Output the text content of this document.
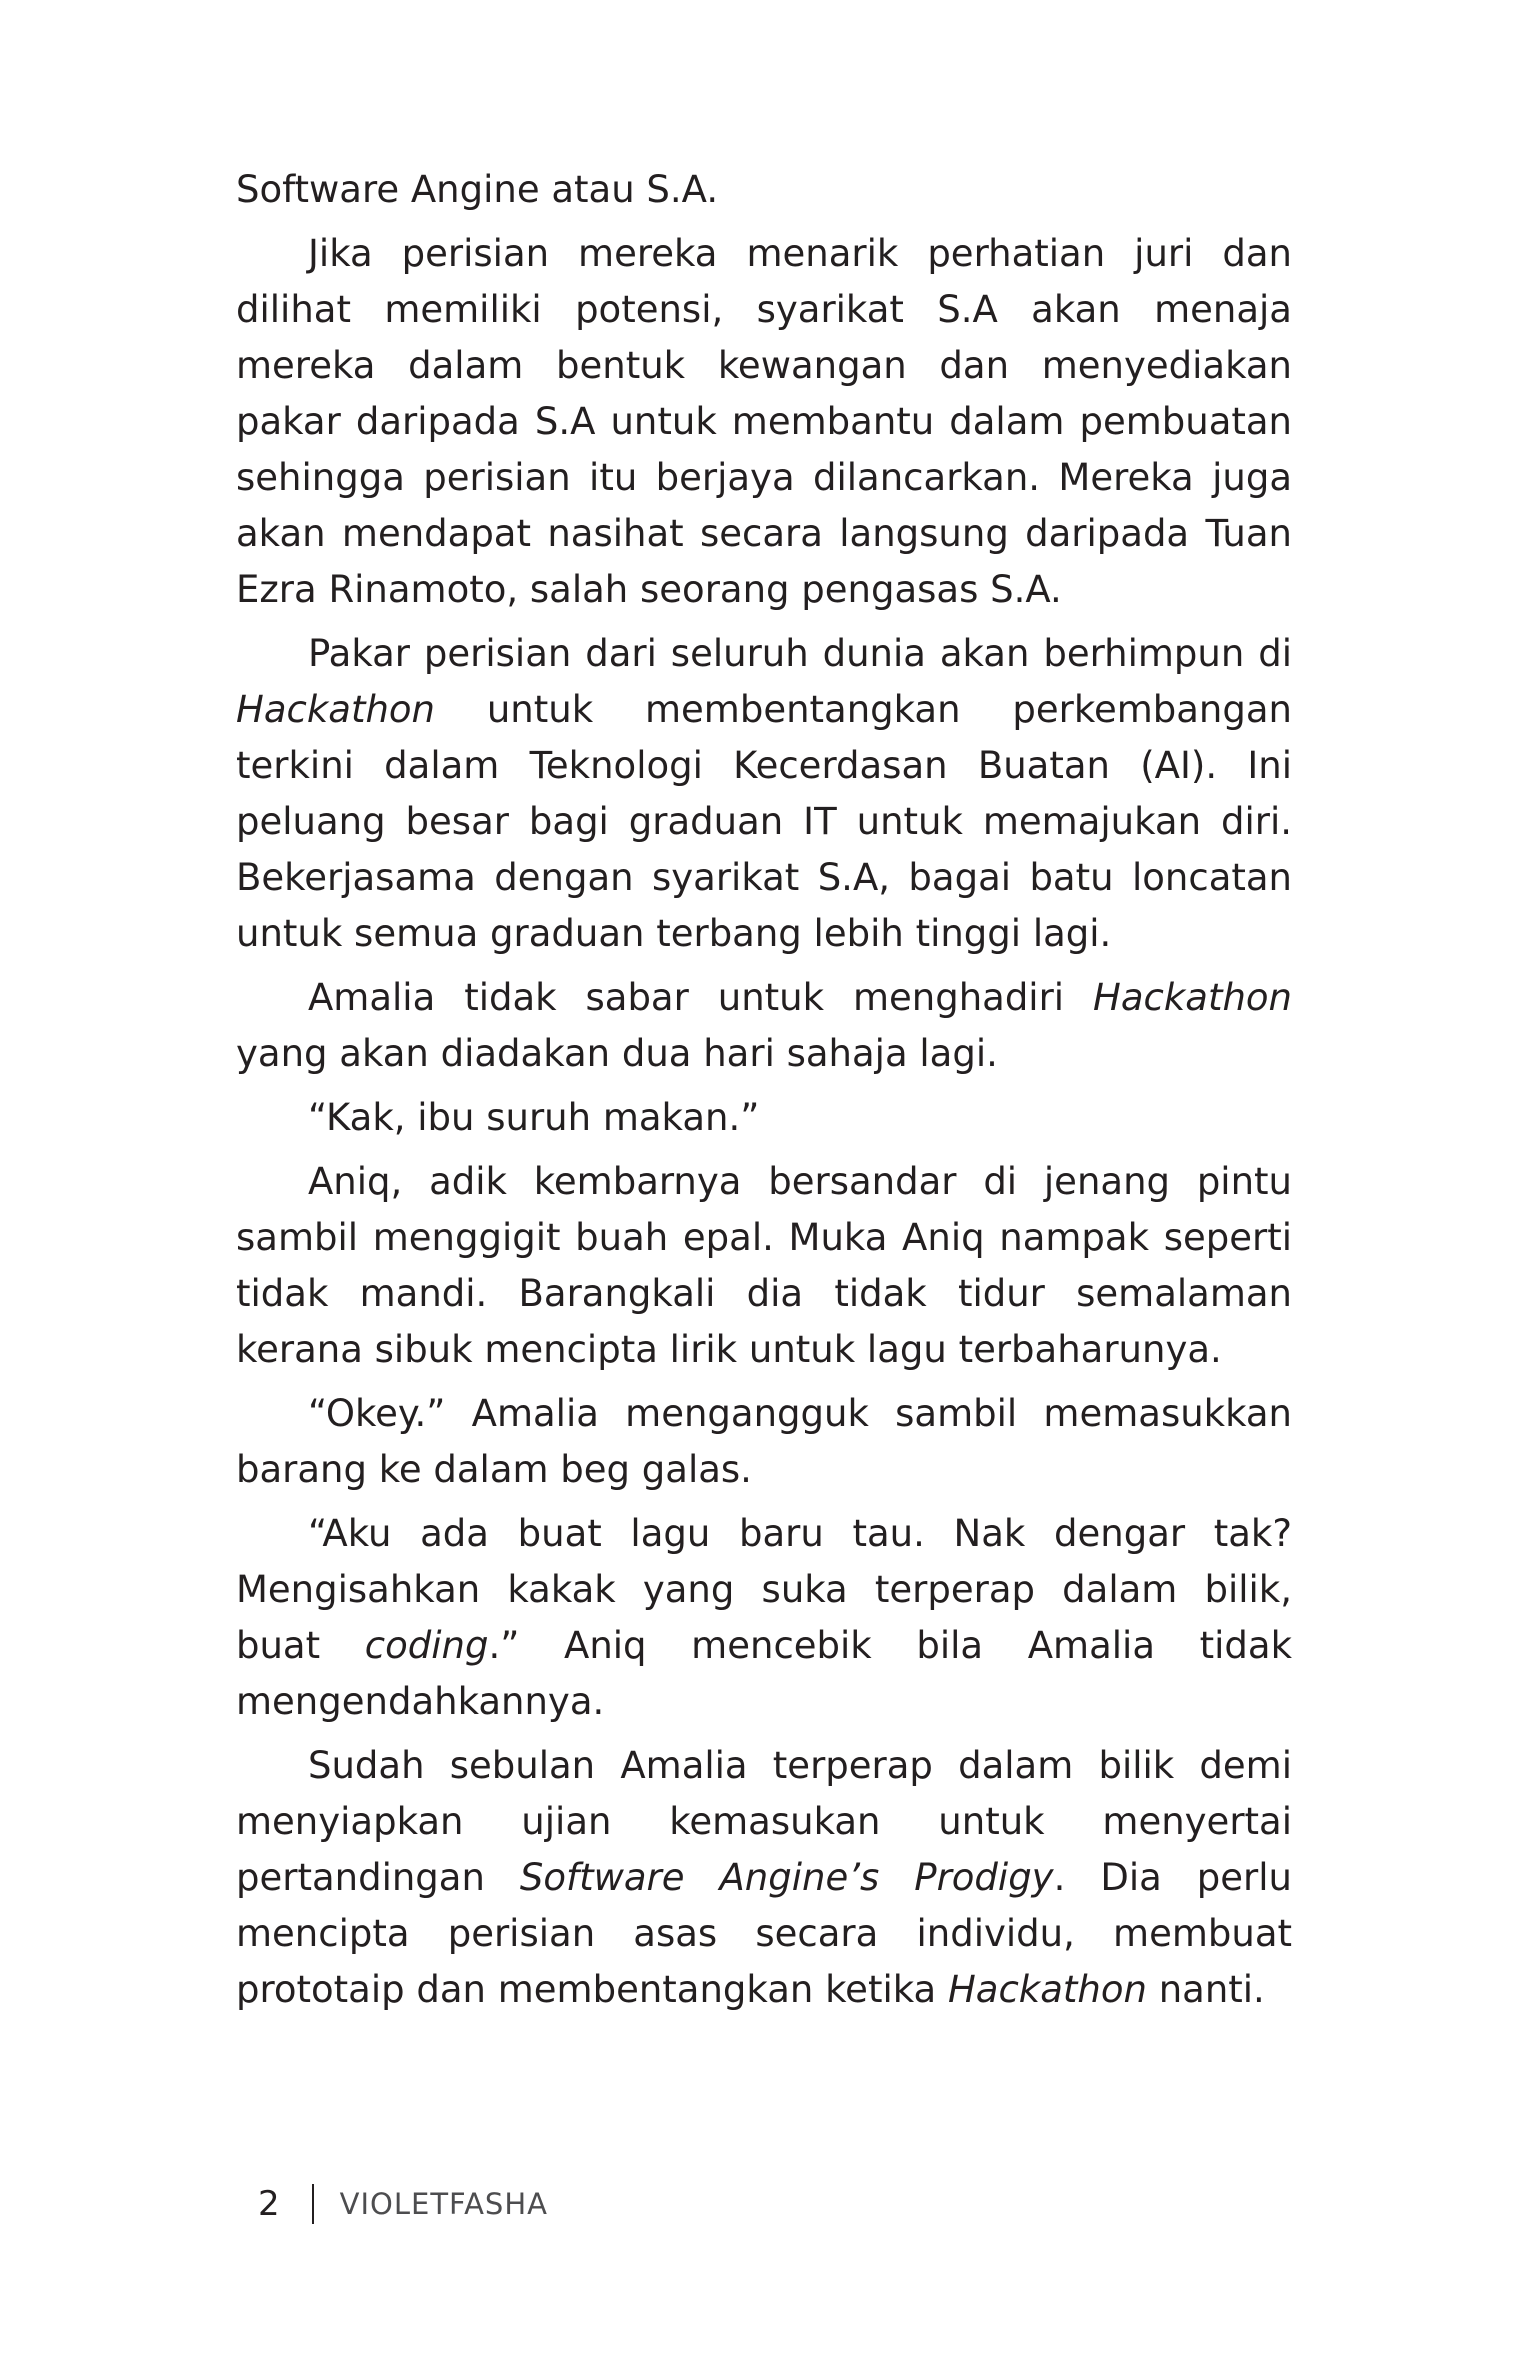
Software Angine atau S.A.

Jika perisian mereka menarik perhatian juri dan dilihat memiliki potensi, syarikat S.A akan menaja mereka dalam bentuk kewangan dan menyediakan pakar daripada S.A untuk membantu dalam pembuatan sehingga perisian itu berjaya dilancarkan. Mereka juga akan mendapat nasihat secara langsung daripada Tuan Ezra Rinamoto, salah seorang pengasas S.A.

Pakar perisian dari seluruh dunia akan berhimpun di Hackathon untuk membentangkan perkembangan terkini dalam Teknologi Kecerdasan Buatan (AI). Ini peluang besar bagi graduan IT untuk memajukan diri. Bekerjasama dengan syarikat S.A, bagai batu loncatan untuk semua graduan terbang lebih tinggi lagi.

Amalia tidak sabar untuk menghadiri Hackathon yang akan diadakan dua hari sahaja lagi.

“Kak, ibu suruh makan.”

Aniq, adik kembarnya bersandar di jenang pintu sambil menggigit buah epal. Muka Aniq nampak seperti tidak mandi. Barangkali dia tidak tidur semalaman kerana sibuk mencipta lirik untuk lagu terbaharunya.

“Okey.” Amalia mengangguk sambil memasukkan barang ke dalam beg galas.

“Aku ada buat lagu baru tau. Nak dengar tak? Mengisahkan kakak yang suka terperap dalam bilik, buat coding.” Aniq mencebik bila Amalia tidak mengendahkannya.

Sudah sebulan Amalia terperap dalam bilik demi menyiapkan ujian kemasukan untuk menyertai pertandingan Software Angine’s Prodigy. Dia perlu mencipta perisian asas secara individu, membuat prototaip dan membentangkan ketika Hackathon nanti.

2 VIOLETFASHA
